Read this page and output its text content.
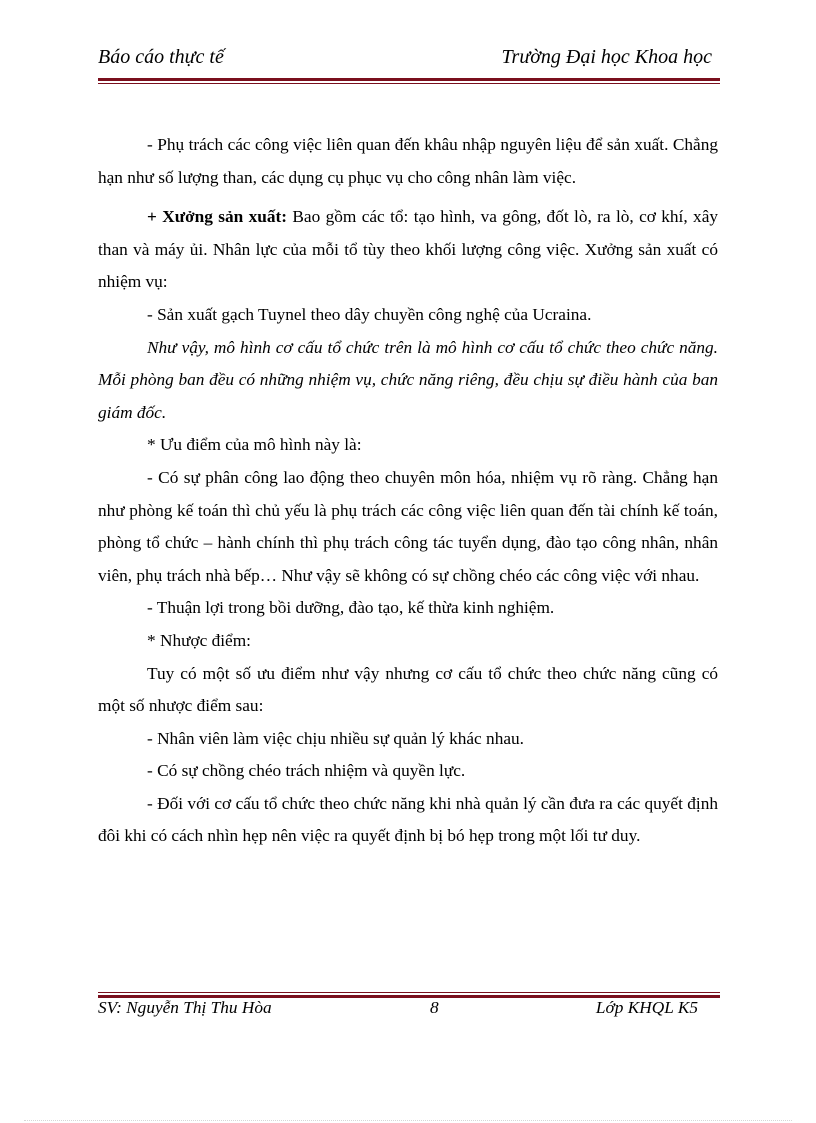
Báo cáo thực tế	Trường Đại học Khoa học

- Phụ trách các công việc liên quan đến khâu nhập nguyên liệu để sản xuất. Chẳng hạn như số lượng than, các dụng cụ phục vụ cho công nhân làm việc.

+ Xưởng sản xuất: Bao gồm các tổ: tạo hình, va gông, đốt lò, ra lò, cơ khí, xây than và máy ủi. Nhân lực của mỗi tổ tùy theo khối lượng công việc. Xưởng sản xuất có nhiệm vụ:

- Sản xuất gạch Tuynel theo dây chuyền công nghệ của Ucraina.

Như vậy, mô hình cơ cấu tổ chức trên là mô hình cơ cấu tổ chức theo chức năng. Mỗi phòng ban đều có những nhiệm vụ, chức năng riêng, đều chịu sự điều hành của ban giám đốc.

* Ưu điểm của mô hình này là:

- Có sự phân công lao động theo chuyên môn hóa, nhiệm vụ rõ ràng. Chẳng hạn như phòng kế toán thì chủ yếu là phụ trách các công việc liên quan đến tài chính kế toán, phòng tổ chức – hành chính thì phụ trách công tác tuyển dụng, đào tạo công nhân, nhân viên, phụ trách nhà bếp… Như vậy sẽ không có sự chồng chéo các công việc với nhau.

- Thuận lợi trong bồi dưỡng, đào tạo, kế thừa kinh nghiệm.

* Nhược điểm:

Tuy có một số ưu điểm như vậy nhưng cơ cấu tổ chức theo chức năng cũng có một số nhược điểm sau:

- Nhân viên làm việc chịu nhiều sự quản lý khác nhau.

- Có sự chồng chéo trách nhiệm và quyền lực.

- Đối với cơ cấu tổ chức theo chức năng khi nhà quản lý cần đưa ra các quyết định đôi khi có cách nhìn hẹp nên việc ra quyết định bị bó hẹp trong một lối tư duy.

SV: Nguyễn Thị Thu Hòa	8	Lớp KHQL K5
